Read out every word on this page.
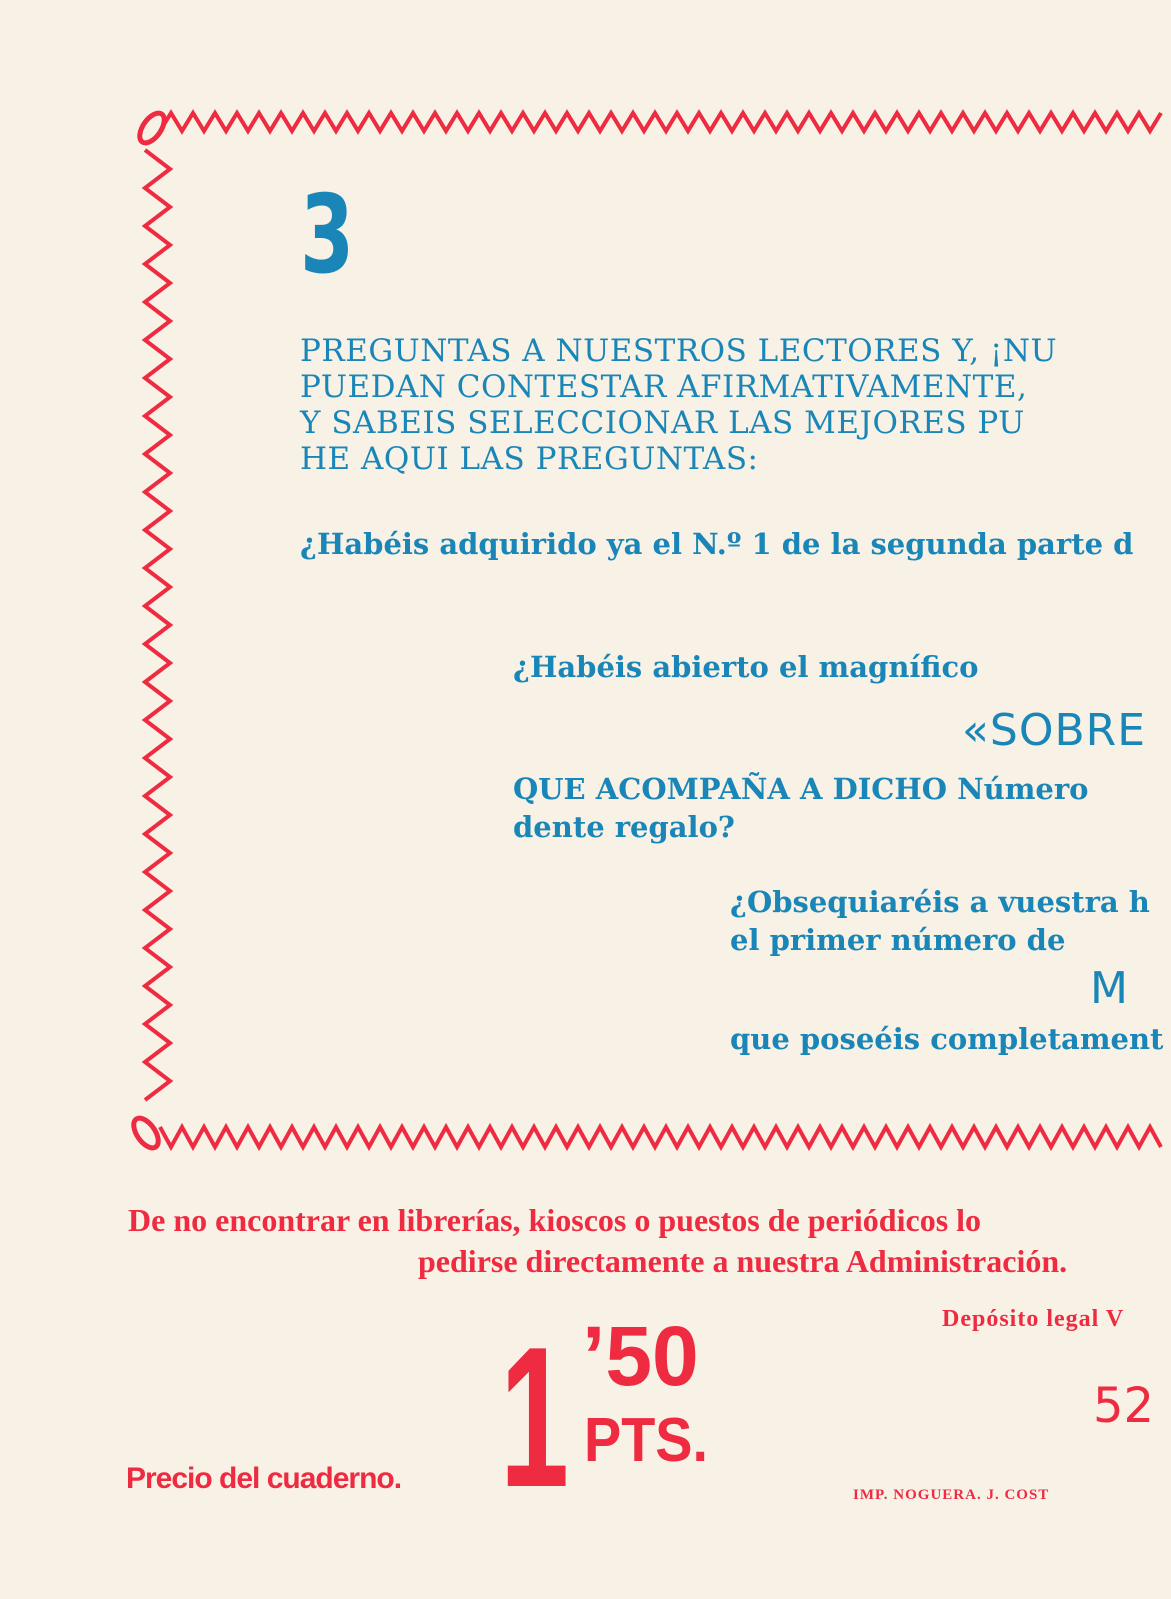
3
PREGUNTAS A NUESTROS LECTORES Y, ¡NU
PUEDAN CONTESTAR AFIRMATIVAMENTE,
Y SABEIS SELECCIONAR LAS MEJORES PU
HE AQUI LAS PREGUNTAS:
¿Habéis adquirido ya el N.º 1 de la segunda parte d
¿Habéis abierto el magnífico
«SOBRE
QUE ACOMPAÑA A DICHO Número
dente regalo?
¿Obsequiaréis a vuestra h
el primer número de
M
que poseéis completament
De no encontrar en librerías, kioscos o puestos de periódicos lo
pedirse directamente a nuestra Administración.
Depósito legal V
Precio del cuaderno. 1 ’50
PTS.	52
IMP. NOGUERA. J. COST
